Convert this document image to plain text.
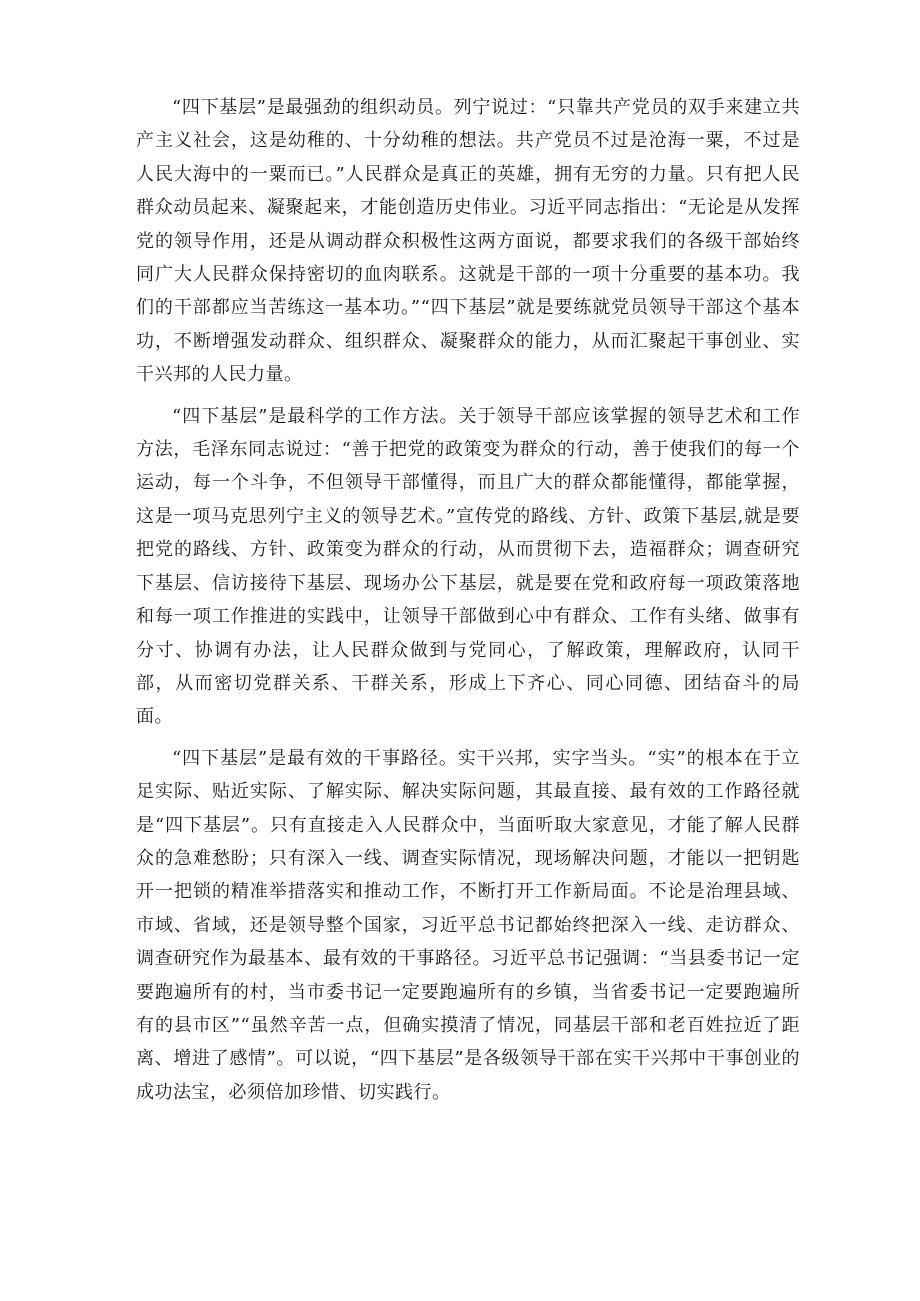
“四下基层”是最强劲的组织动员。列宁说过：“只靠共产党员的双手来建立共产主义社会，这是幼稚的、十分幼稚的想法。共产党员不过是沧海一粟，不过是人民大海中的一粟而已。”人民群众是真正的英雄，拥有无穷的力量。只有把人民群众动员起来、凝聚起来，才能创造历史伟业。习近平同志指出：“无论是从发挥党的领导作用，还是从调动群众积极性这两方面说，都要求我们的各级干部始终同广大人民群众保持密切的血肉联系。这就是干部的一项十分重要的基本功。我们的干部都应当苦练这一基本功。”“四下基层”就是要练就党员领导干部这个基本功，不断增强发动群众、组织群众、凝聚群众的能力，从而汇聚起干事创业、实干兴邦的人民力量。

“四下基层”是最科学的工作方法。关于领导干部应该掌握的领导艺术和工作方法，毛泽东同志说过：“善于把党的政策变为群众的行动，善于使我们的每一个运动，每一个斗争，不但领导干部懂得，而且广大的群众都能懂得，都能掌握，这是一项马克思列宁主义的领导艺术。”宣传党的路线、方针、政策下基层,就是要把党的路线、方针、政策变为群众的行动，从而贯彻下去，造福群众；调查研究下基层、信访接待下基层、现场办公下基层，就是要在党和政府每一项政策落地和每一项工作推进的实践中，让领导干部做到心中有群众、工作有头绪、做事有分寸、协调有办法，让人民群众做到与党同心，了解政策，理解政府，认同干部，从而密切党群关系、干群关系，形成上下齐心、同心同德、团结奋斗的局面。

“四下基层”是最有效的干事路径。实干兴邦，实字当头。“实”的根本在于立足实际、贴近实际、了解实际、解决实际问题，其最直接、最有效的工作路径就是“四下基层”。只有直接走入人民群众中，当面听取大家意见，才能了解人民群众的急难愁盼；只有深入一线、调查实际情况，现场解决问题，才能以一把钥匙开一把锁的精准举措落实和推动工作，不断打开工作新局面。不论是治理县域、市域、省域，还是领导整个国家，习近平总书记都始终把深入一线、走访群众、调查研究作为最基本、最有效的干事路径。习近平总书记强调：“当县委书记一定要跑遍所有的村，当市委书记一定要跑遍所有的乡镇，当省委书记一定要跑遍所有的县市区”“虽然辛苦一点，但确实摸清了情况，同基层干部和老百姓拉近了距离、增进了感情”。可以说，“四下基层”是各级领导干部在实干兴邦中干事创业的成功法宝，必须倍加珍惜、切实践行。
